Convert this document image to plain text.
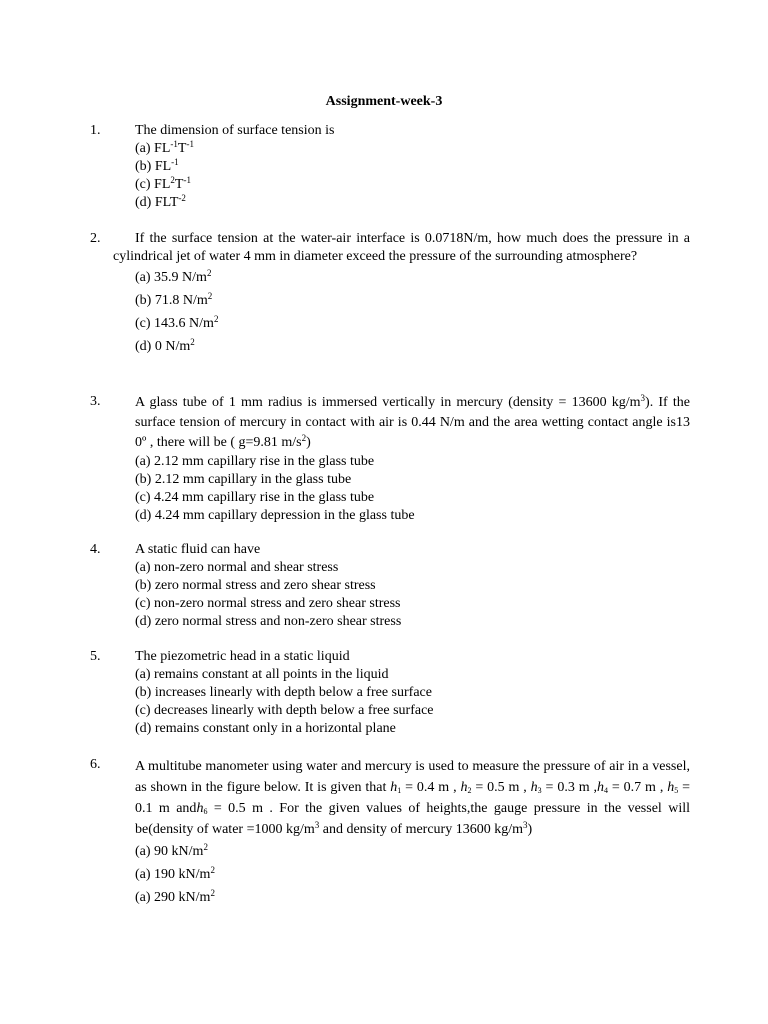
Assignment-week-3
1. The dimension of surface tension is
(a) $FL^{-1}T^{-1}$
(b) $FL^{-1}$
(c) $FL^2T^{-1}$
(d) $FLT^{-2}$
2.	If the surface tension at the water-air interface is 0.0718N/m, how much does the pressure in a cylindrical jet of water 4 mm in diameter exceed the pressure of the surrounding atmosphere?
(a) 35.9 $N/m^2$
(b) 71.8 $N/m^2$
(c) 143.6 $N/m^2$
(d) 0 $N/m^2$
3. A glass tube of 1 mm radius is immersed vertically in mercury (density = 13600 $kg/m^3$). If the surface tension of mercury in contact with air is 0.44 N/m and the area wetting contact angle is13 0º , there will be ( g=9.81 $m/s^2$)
(a) 2.12 mm capillary rise in the glass tube
(b) 2.12 mm capillary in the glass tube
(c) 4.24 mm capillary rise in the glass tube
(d) 4.24 mm capillary depression in the glass tube
4. A static fluid can have
(a) non-zero normal and shear stress
(b) zero normal stress and zero shear stress
(c) non-zero normal stress and zero shear stress
(d) zero normal stress and non-zero shear stress
5. The piezometric head in a static liquid
(a) remains constant at all points in the liquid
(b) increases linearly with depth below a free surface
(c) decreases linearly with depth below a free surface
(d) remains constant only in a horizontal plane
6. A multitube manometer using water and mercury is used to measure the pressure of air in a vessel, as shown in the figure below. It is given that $h_1 = 0.4$ m , $h_2 = 0.5$ m , $h_3 = 0.3$ m $,h_4 = 0.7$ m , $h_5 = 0.1$ m andh$_6$ = 0.5 m . For the given values of heights,the gauge pressure in the vessel will be(density of water =1000 $kg/m^3$ and density of mercury 13600 $kg/m^3$)
(a) 90 $kN/m^2$
(a) 190 $kN/m^2$
(a) 290 $kN/m^2$
